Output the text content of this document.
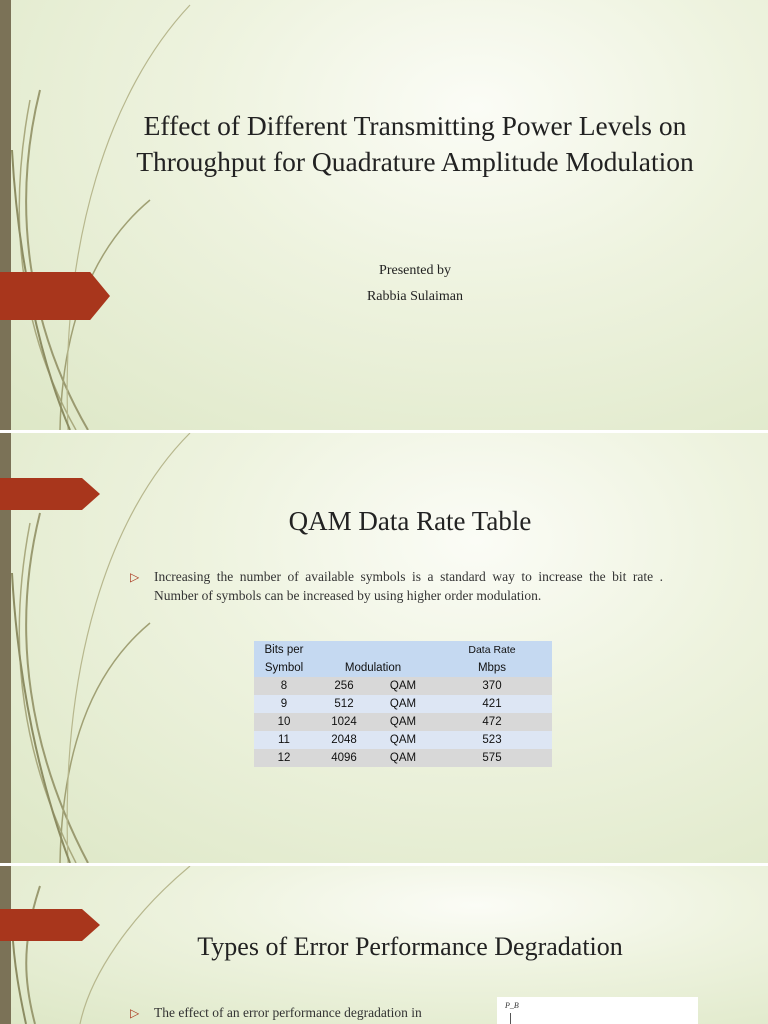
Effect of Different Transmitting Power Levels on Throughput for Quadrature Amplitude Modulation
Presented by
Rabbia Sulaiman
QAM Data Rate Table
▷ Increasing the number of available symbols is a standard way to increase the bit rate . Number of symbols can be increased by using higher order modulation.
Bits per			Data Rate
Symbol	Modulation		Mbps
8	256	QAM	370
9	512	QAM	421
10	1024	QAM	472
11	2048	QAM	523
12	4096	QAM	575
Types of Error Performance Degradation
▷ The effect of an error performance degradation in	P_B
